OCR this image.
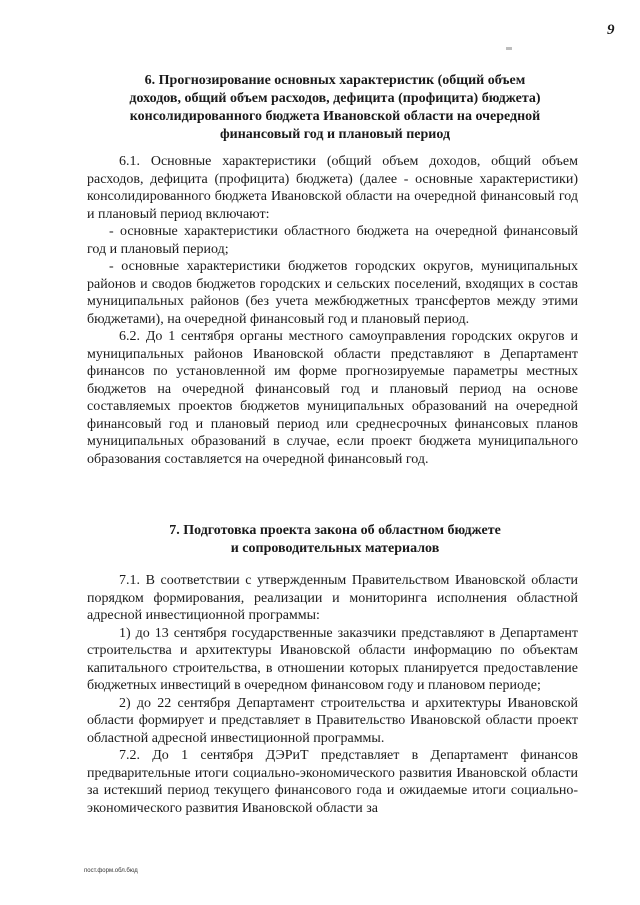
9
6. Прогнозирование основных характеристик (общий объем
доходов, общий объем расходов, дефицита (профицита) бюджета)
консолидированного бюджета Ивановской области на очередной
финансовый год и плановый период
6.1. Основные характеристики (общий объем доходов, общий объем расходов, дефицита (профицита) бюджета) (далее - основные характеристики) консолидированного бюджета Ивановской области на очередной финансовый год и плановый период включают:
- основные характеристики областного бюджета на очередной финансовый год и плановый период;
- основные характеристики бюджетов городских округов, муниципальных районов и сводов бюджетов городских и сельских поселений, входящих в состав муниципальных районов (без учета межбюджетных трансфертов между этими бюджетами), на очередной финансовый год и плановый период.
6.2. До 1 сентября органы местного самоуправления городских округов и муниципальных районов Ивановской области представляют в Департамент финансов по установленной им форме прогнозируемые параметры местных бюджетов на очередной финансовый год и плановый период на основе составляемых проектов бюджетов муниципальных образований на очередной финансовый год и плановый период или среднесрочных финансовых планов муниципальных образований в случае, если проект бюджета муниципального образования составляется на очередной финансовый год.
7. Подготовка проекта закона об областном бюджете
и сопроводительных материалов
7.1. В соответствии с утвержденным Правительством Ивановской области порядком формирования, реализации и мониторинга исполнения областной адресной инвестиционной программы:
1) до 13 сентября государственные заказчики представляют в Департамент строительства и архитектуры Ивановской области информацию по объектам капитального строительства, в отношении которых планируется предоставление бюджетных инвестиций в очередном финансовом году и плановом периоде;
2) до 22 сентября Департамент строительства и архитектуры Ивановской области формирует и представляет в Правительство Ивановской области проект областной адресной инвестиционной программы.
7.2. До 1 сентября ДЭРиТ представляет в Департамент финансов предварительные итоги социально-экономического развития Ивановской области за истекший период текущего финансового года и ожидаемые итоги социально-экономического развития Ивановской области за
пост.форм.обл.бюд
